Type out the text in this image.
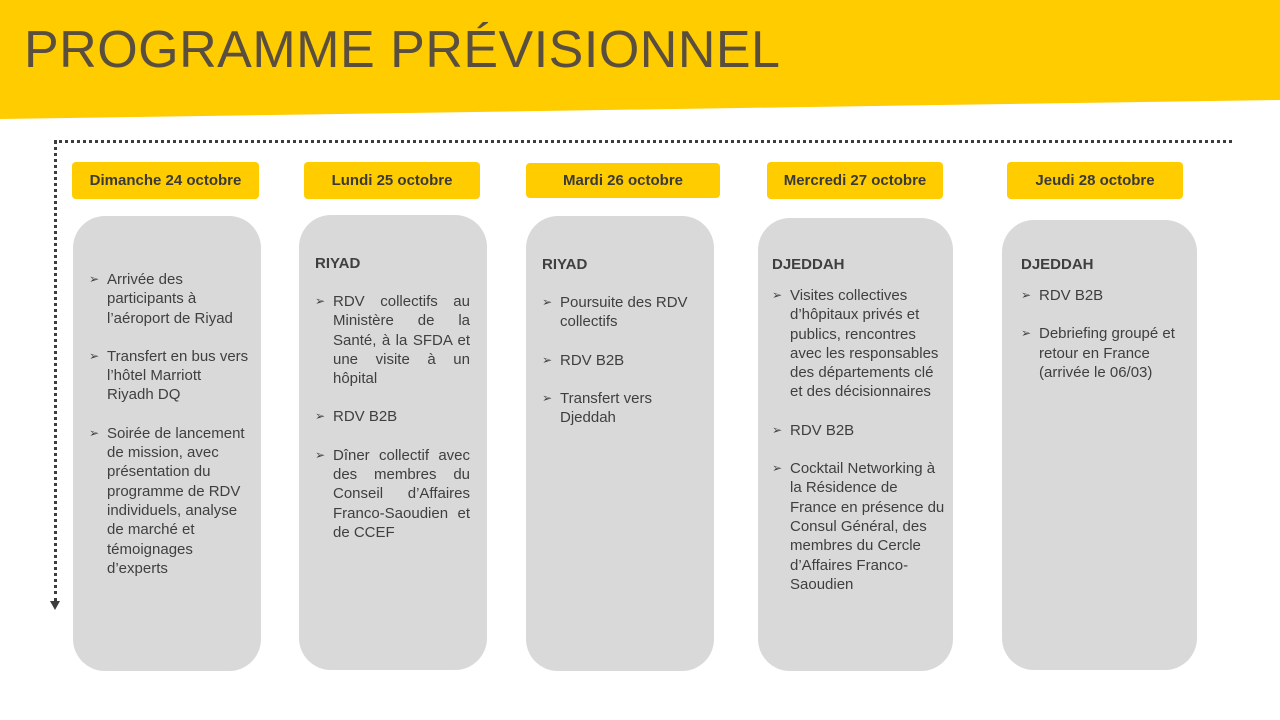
PROGRAMME PRÉVISIONNEL
Dimanche 24 octobre	Lundi 25 octobre	Mardi 26 octobre	Mercredi 27 octobre	Jeudi 28 octobre
➢ Arrivée des participants à l’aéroport de Riyad
➢ Transfert en bus vers l’hôtel Marriott Riyadh DQ
➢ Soirée de lancement de mission, avec présentation du programme de RDV individuels, analyse de marché et témoignages d’experts
RIYAD
➢ RDV collectifs au Ministère de la Santé, à la SFDA et une visite à un hôpital
➢ RDV B2B
➢ Dîner collectif avec des membres du Conseil d’Affaires Franco-Saoudien et de CCEF
RIYAD
➢ Poursuite des RDV collectifs
➢ RDV B2B
➢ Transfert vers Djeddah
DJEDDAH
➢ Visites collectives d’hôpitaux privés et publics, rencontres avec les responsables des départements clé et des décisionnaires
➢ RDV B2B
➢ Cocktail Networking à la Résidence de France en présence du Consul Général, des membres du Cercle d’Affaires Franco-Saoudien
DJEDDAH
➢ RDV B2B
➢ Debriefing groupé et retour en France (arrivée le 06/03)
